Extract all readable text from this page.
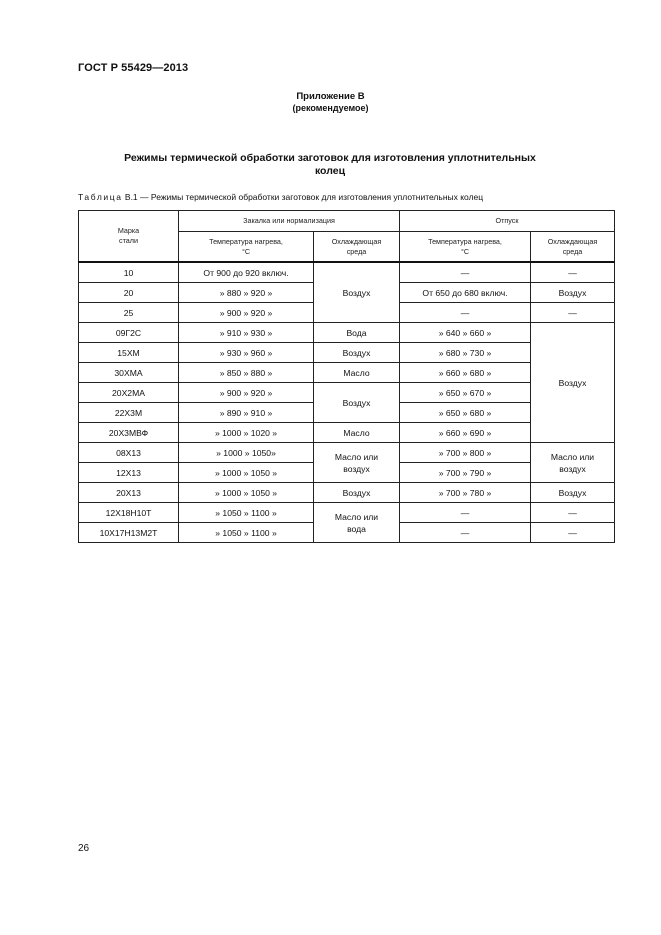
ГОСТ Р 55429—2013
Приложение В
(рекомендуемое)
Режимы термической обработки заготовок для изготовления уплотнительных колец
Таблица В.1 — Режимы термической обработки заготовок для изготовления уплотнительных колец
Марка стали	Закалка или нормализация		Отпуск	
	Температура нагрева, °С	Охлаждающая среда	Температура нагрева, °С	Охлаждающая среда
10	От 900 до 920 включ.	Воздух	—	—
20	» 880 » 920 »		От 650 до 680 включ.	Воздух
25	» 900 » 920 »		—	—
09Г2С	» 910 » 930 »	Вода	» 640 » 660 »	Воздух
15ХМ	» 930 » 960 »	Воздух	» 680 » 730 »	
30ХМА	» 850 » 880 »	Масло	» 660 » 680 »	
20Х2МА	» 900 » 920 »	Воздух	» 650 » 670 »	
22Х3М	» 890 » 910 »		» 650 » 680 »	
20Х3МВФ	» 1000 » 1020 »	Масло	» 660 » 690 »	
08Х13	» 1000 » 1050»	Масло или воздух	» 700 » 800 »	Масло или воздух
12Х13	» 1000 » 1050 »		» 700 » 790 »	
20Х13	» 1000 » 1050 »	Воздух	» 700 » 780 »	Воздух
12Х18Н10Т	» 1050 » 1100 »	Масло или вода	—	—
10Х17Н13М2Т	» 1050 » 1100 »		—	—
26
